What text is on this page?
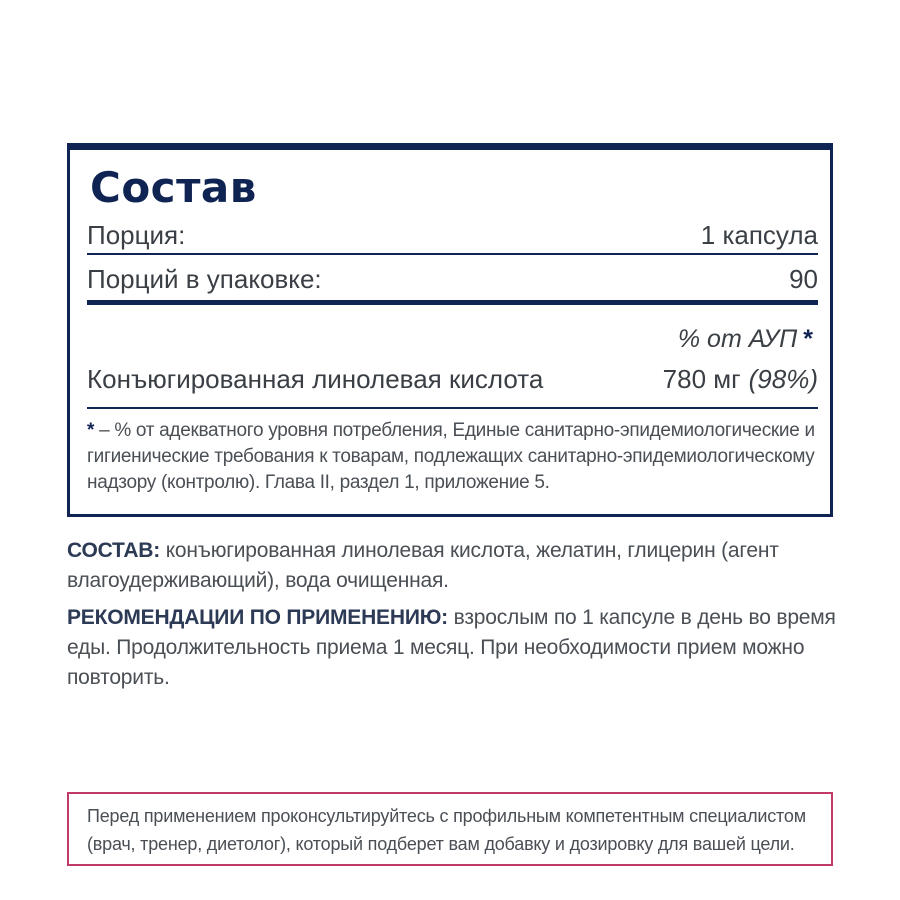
Состав
Порция:	1 капсула
Порций в упаковке:	90
% от АУП *
Конъюгированная линолевая кислота	780 мг (98%)

* – % от адекватного уровня потребления, Единые санитарно-эпидемиологические и гигиенические требования к товарам, подлежащих санитарно-эпидемиологическому надзору (контролю). Глава II, раздел 1, приложение 5.

СОСТАВ: конъюгированная линолевая кислота, желатин, глицерин (агент влагоудерживающий), вода очищенная.

РЕКОМЕНДАЦИИ ПО ПРИМЕНЕНИЮ: взрослым по 1 капсуле в день во время еды. Продолжительность приема 1 месяц. При необходимости прием можно повторить.

Перед применением проконсультируйтесь с профильным компетентным специалистом (врач, тренер, диетолог), который подберет вам добавку и дозировку для вашей цели.
